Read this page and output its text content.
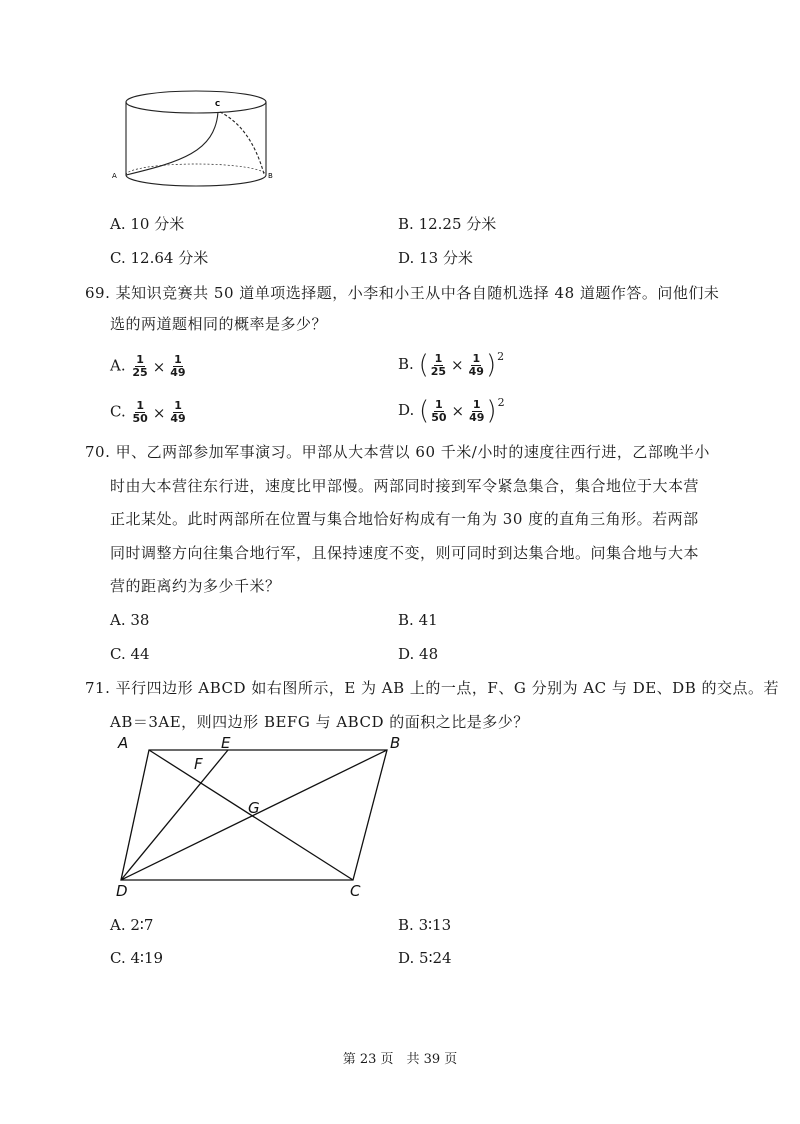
A	B
C
A. 10 分米	B. 12.25 分米
C. 12.64 分米	D. 13 分米
69. 某知识竞赛共 50 道单项选择题，小李和小王从中各自随机选择 48 道题作答。问他们未
选的两道题相同的概率是多少？
A. $\frac{1}{25} \times \frac{1}{49}$	B. ( $\frac{1}{25} \times \frac{1}{49} )^2$
C. $\frac{1}{50} \times \frac{1}{49}$	D. ( $\frac{1}{50} \times \frac{1}{49} )^2$
70. 甲、乙两部参加军事演习。甲部从大本营以 60 千米/小时的速度往西行进，乙部晚半小
时由大本营往东行进，速度比甲部慢。两部同时接到军令紧急集合，集合地位于大本营
正北某处。此时两部所在位置与集合地恰好构成有一角为 30 度的直角三角形。若两部
同时调整方向往集合地行军，且保持速度不变，则可同时到达集合地。问集合地与大本
营的距离约为多少千米？
A. 38	B. 41
C. 44	D. 48
71. 平行四边形 ABCD 如右图所示，E 为 AB 上的一点，F、G 分别为 AC 与 DE、DB 的交点。若
AB＝3AE，则四边形 BEFG 与 ABCD 的面积之比是多少？
A	E	B
F
G
D	C
A. 2∶7	B. 3∶13
C. 4∶19	D. 5∶24
第 23 页　共 39 页
